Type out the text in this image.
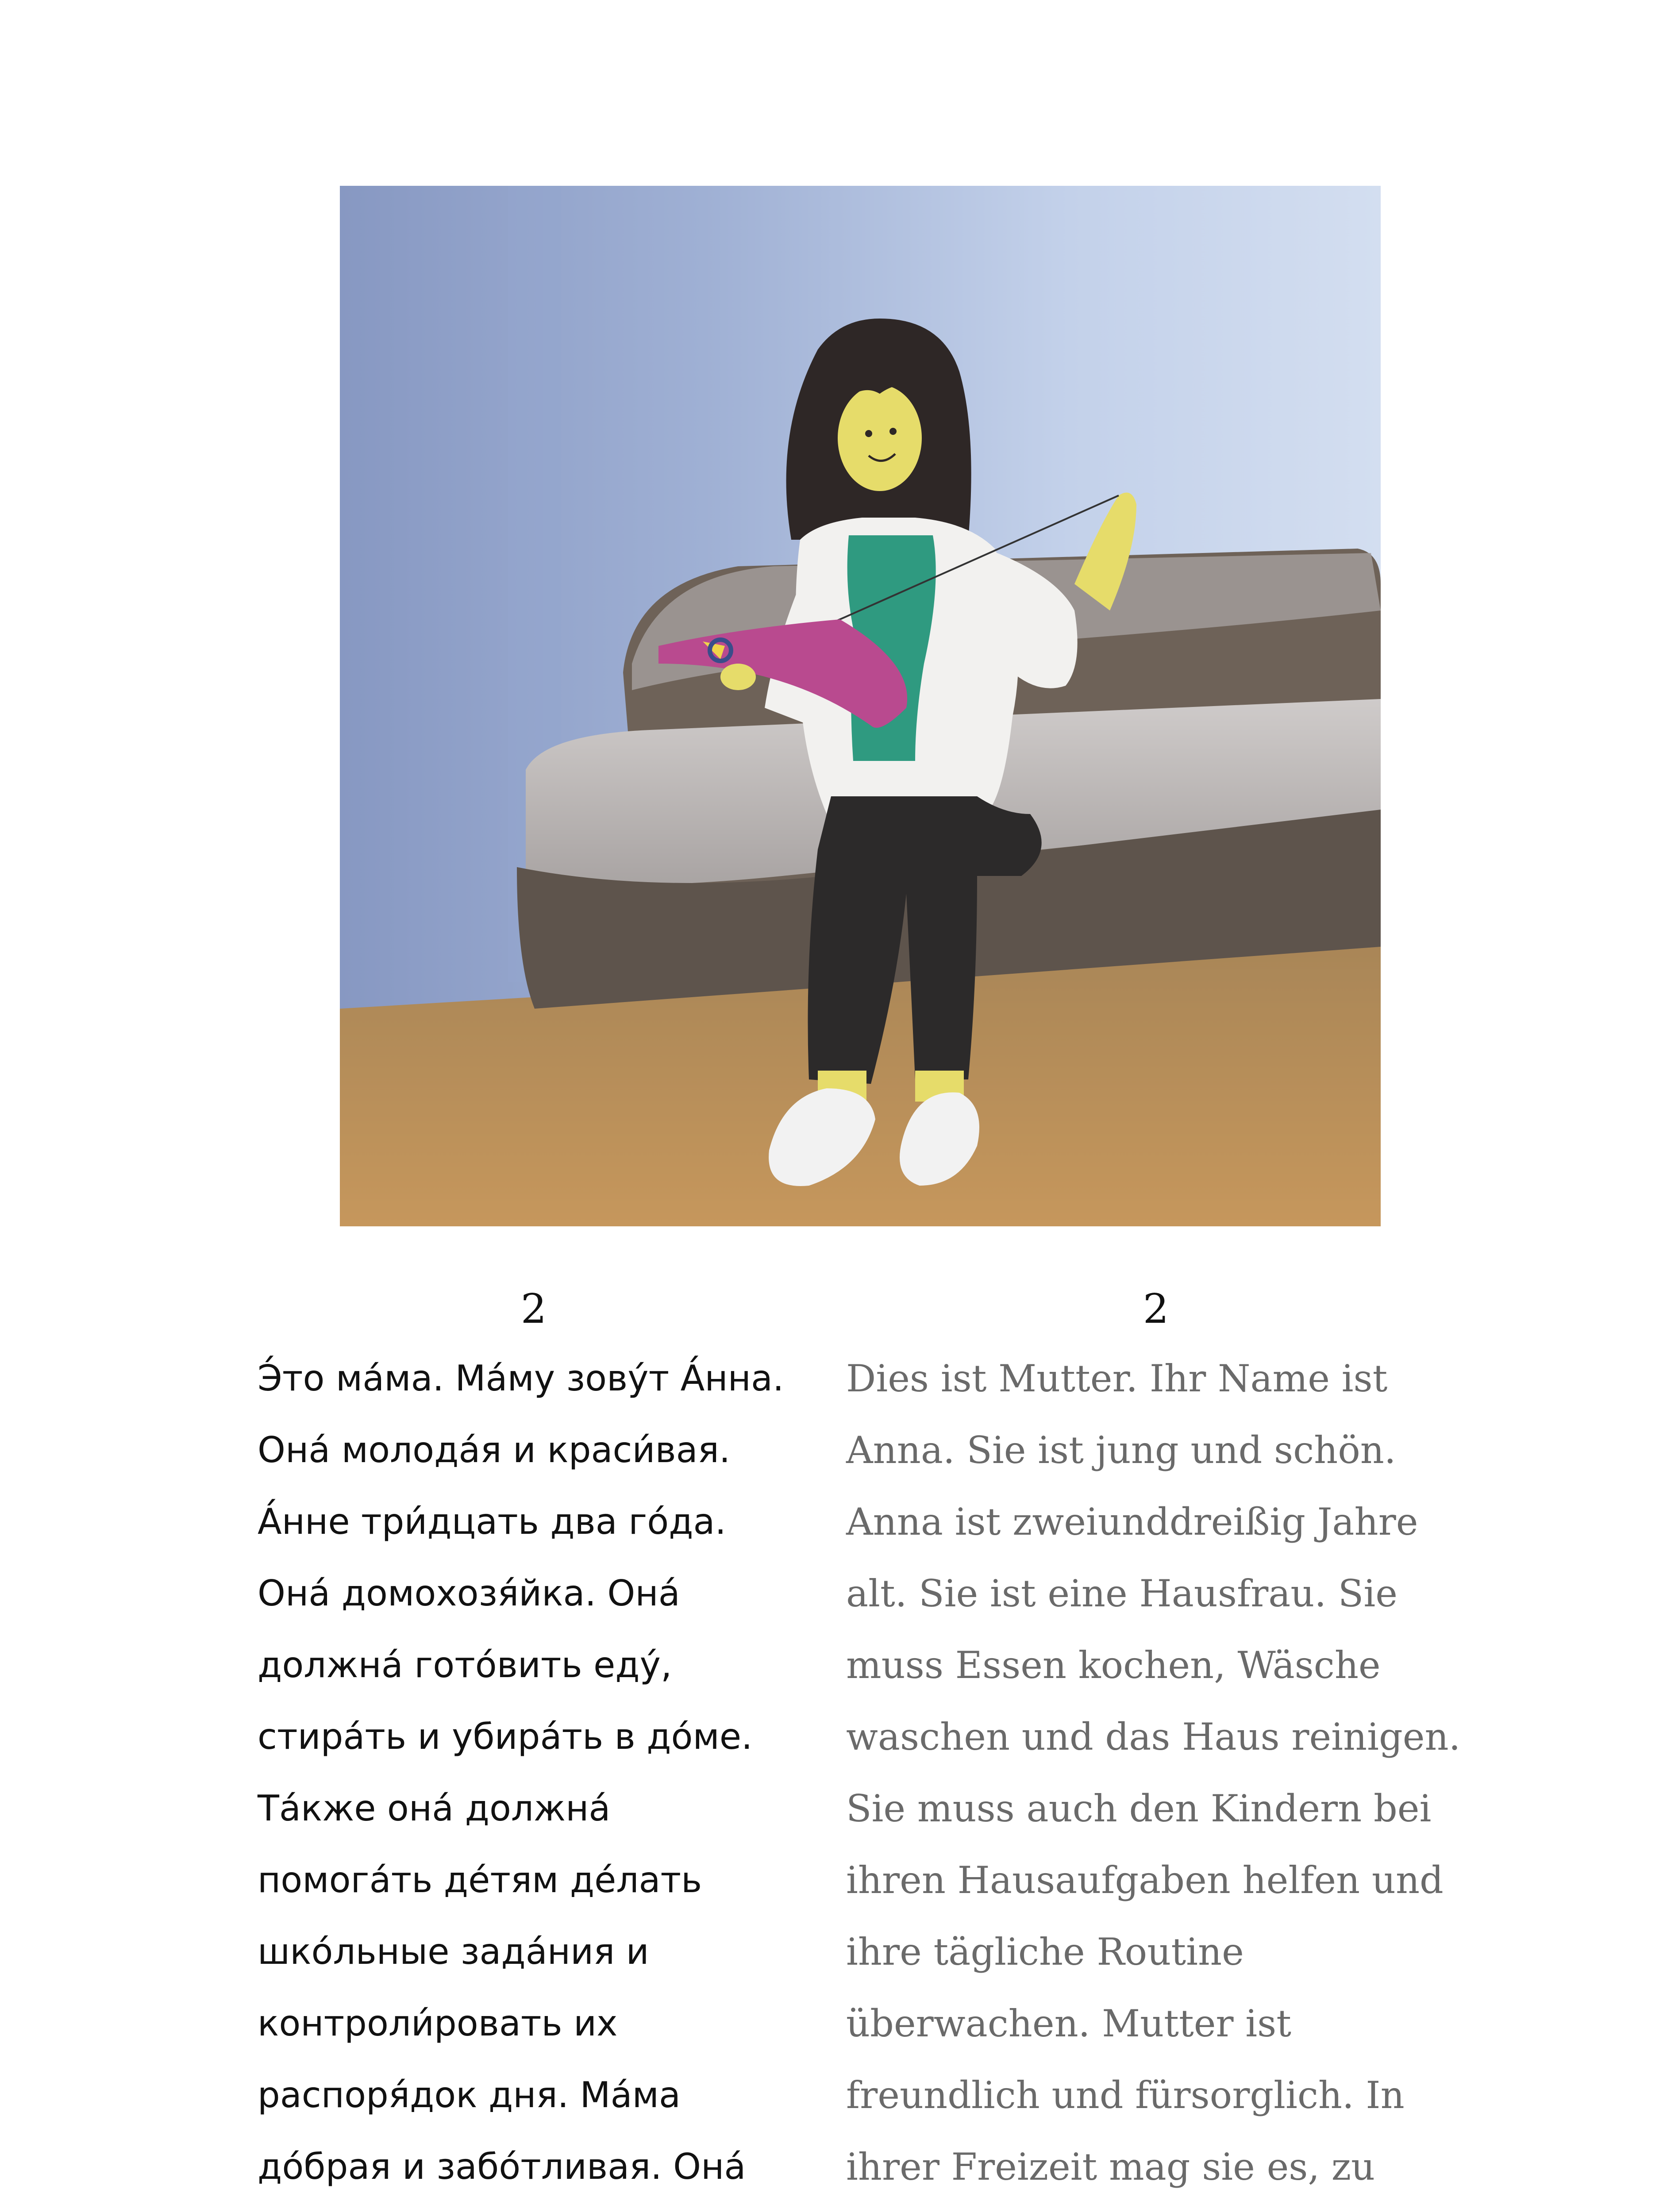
2	2
Э́то ма́ма. Ма́му зову́т А́нна.
Она́ молода́я и краси́вая.
А́нне три́дцать два го́да.
Она́ домохозя́йка. Она́
должна́ гото́вить еду́,
стира́ть и убира́ть в до́ме.
Та́кже она́ должна́
помога́ть де́тям де́лать
шко́льные зада́ния и
контроли́ровать их
распоря́док дня. Ма́ма
до́брая и забо́тливая. Она́
Dies ist Mutter. Ihr Name ist
Anna. Sie ist jung und schön.
Anna ist zweiunddreißig Jahre
alt. Sie ist eine Hausfrau. Sie
muss Essen kochen, Wäsche
waschen und das Haus reinigen.
Sie muss auch den Kindern bei
ihren Hausaufgaben helfen und
ihre tägliche Routine
überwachen. Mutter ist
freundlich und fürsorglich. In
ihrer Freizeit mag sie es, zu
